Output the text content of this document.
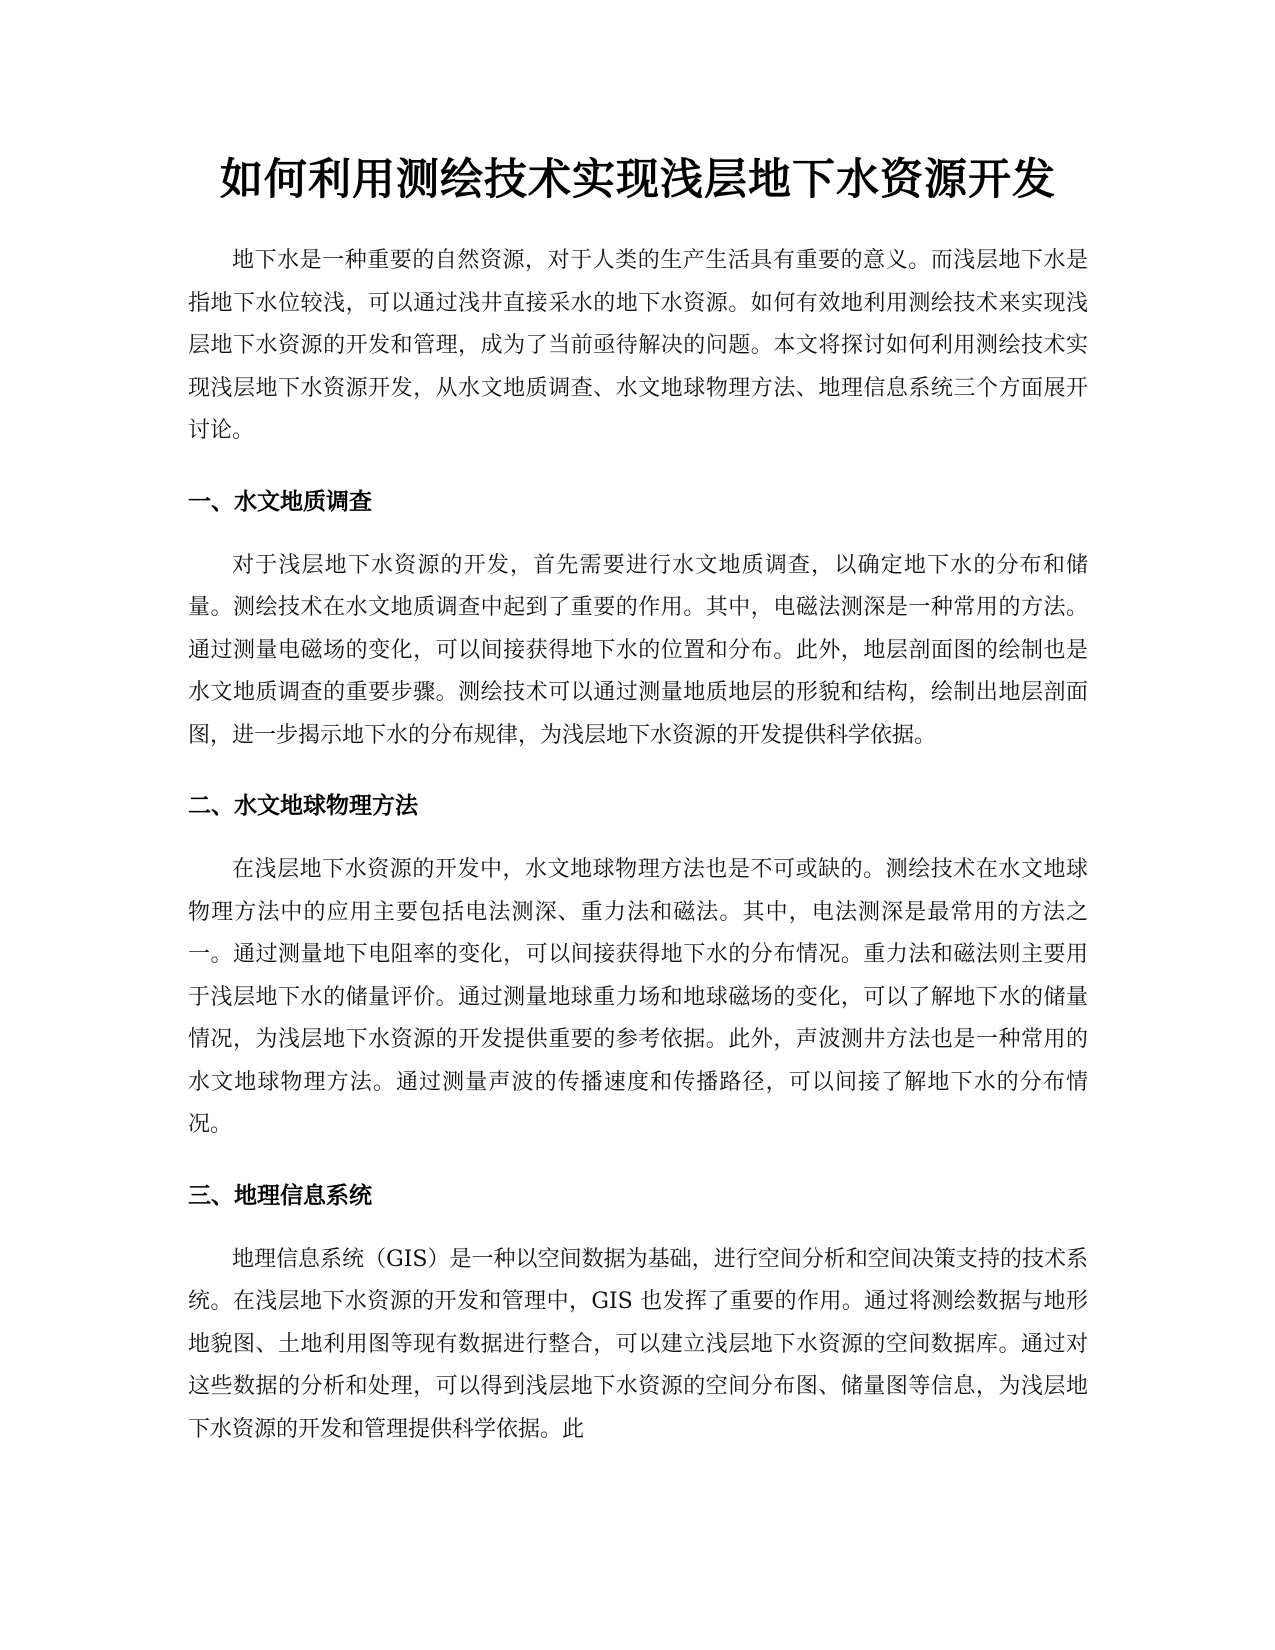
如何利用测绘技术实现浅层地下水资源开发

地下水是一种重要的自然资源，对于人类的生产生活具有重要的意义。而浅层地下水是指地下水位较浅，可以通过浅井直接采水的地下水资源。如何有效地利用测绘技术来实现浅层地下水资源的开发和管理，成为了当前亟待解决的问题。本文将探讨如何利用测绘技术实现浅层地下水资源开发，从水文地质调查、水文地球物理方法、地理信息系统三个方面展开讨论。

一、水文地质调查

对于浅层地下水资源的开发，首先需要进行水文地质调查，以确定地下水的分布和储量。测绘技术在水文地质调查中起到了重要的作用。其中，电磁法测深是一种常用的方法。通过测量电磁场的变化，可以间接获得地下水的位置和分布。此外，地层剖面图的绘制也是水文地质调查的重要步骤。测绘技术可以通过测量地质地层的形貌和结构，绘制出地层剖面图，进一步揭示地下水的分布规律，为浅层地下水资源的开发提供科学依据。

二、水文地球物理方法

在浅层地下水资源的开发中，水文地球物理方法也是不可或缺的。测绘技术在水文地球物理方法中的应用主要包括电法测深、重力法和磁法。其中，电法测深是最常用的方法之一。通过测量地下电阻率的变化，可以间接获得地下水的分布情况。重力法和磁法则主要用于浅层地下水的储量评价。通过测量地球重力场和地球磁场的变化，可以了解地下水的储量情况，为浅层地下水资源的开发提供重要的参考依据。此外，声波测井方法也是一种常用的水文地球物理方法。通过测量声波的传播速度和传播路径，可以间接了解地下水的分布情况。

三、地理信息系统

地理信息系统（GIS）是一种以空间数据为基础，进行空间分析和空间决策支持的技术系统。在浅层地下水资源的开发和管理中，GIS 也发挥了重要的作用。通过将测绘数据与地形地貌图、土地利用图等现有数据进行整合，可以建立浅层地下水资源的空间数据库。通过对这些数据的分析和处理，可以得到浅层地下水资源的空间分布图、储量图等信息，为浅层地下水资源的开发和管理提供科学依据。此
